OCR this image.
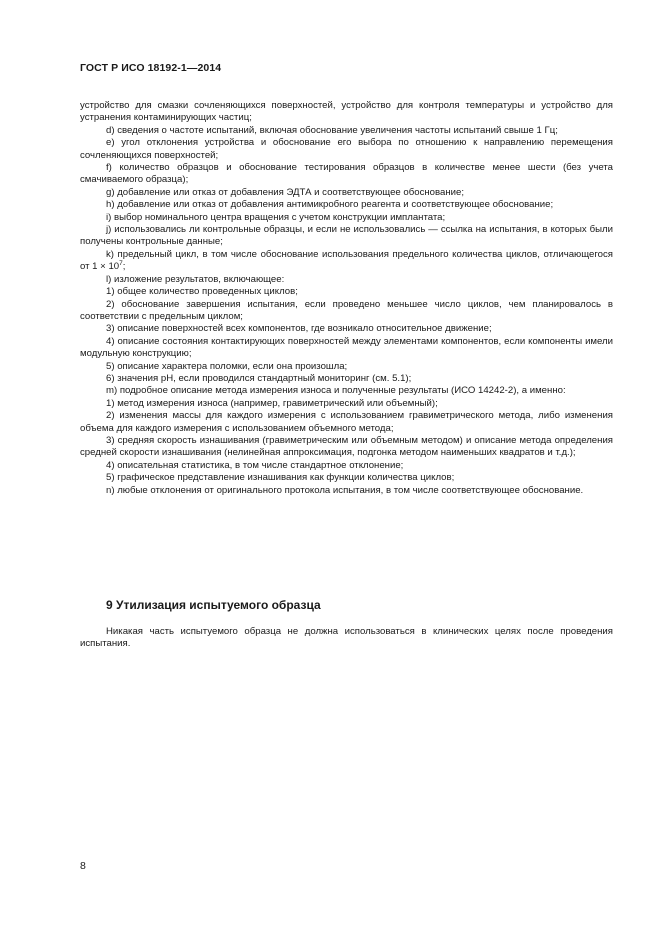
ГОСТ Р ИСО 18192-1—2014

устройство для смазки сочленяющихся поверхностей, устройство для контроля температуры и устройство для устранения контаминирующих частиц;

d) сведения о частоте испытаний, включая обоснование увеличения частоты испытаний свыше 1 Гц;

e) угол отклонения устройства и обоснование его выбора по отношению к направлению перемещения сочленяющихся поверхностей;

f) количество образцов и обоснование тестирования образцов в количестве менее шести (без учета смачиваемого образца);

g) добавление или отказ от добавления ЭДТА и соответствующее обоснование;

h) добавление или отказ от добавления антимикробного реагента и соответствующее обоснование;

i) выбор номинального центра вращения с учетом конструкции имплантата;

j) использовались ли контрольные образцы, и если не использовались — ссылка на испытания, в которых были получены контрольные данные;

k) предельный цикл, в том числе обоснование использования предельного количества циклов, отличающегося от $1 \times 10^7$;

l) изложение результатов, включающее:

1) общее количество проведенных циклов;

2) обоснование завершения испытания, если проведено меньшее число циклов, чем планировалось в соответствии с предельным циклом;

3) описание поверхностей всех компонентов, где возникало относительное движение;

4) описание состояния контактирующих поверхностей между элементами компонентов, если компоненты имели модульную конструкцию;

5) описание характера поломки, если она произошла;

6) значения pH, если проводился стандартный мониторинг (см. 5.1);

m) подробное описание метода измерения износа и полученные результаты (ИСО 14242-2), а именно:

1) метод измерения износа (например, гравиметрический или объемный);

2) изменения массы для каждого измерения с использованием гравиметрического метода, либо изменения объема для каждого измерения с использованием объемного метода;

3) средняя скорость изнашивания (гравиметрическим или объемным методом) и описание метода определения средней скорости изнашивания (нелинейная аппроксимация, подгонка методом наименьших квадратов и т.д.);

4) описательная статистика, в том числе стандартное отклонение;

5) графическое представление изнашивания как функции количества циклов;

n) любые отклонения от оригинального протокола испытания, в том числе соответствующее обоснование.

9 Утилизация испытуемого образца

Никакая часть испытуемого образца не должна использоваться в клинических целях после проведения испытания.

8
